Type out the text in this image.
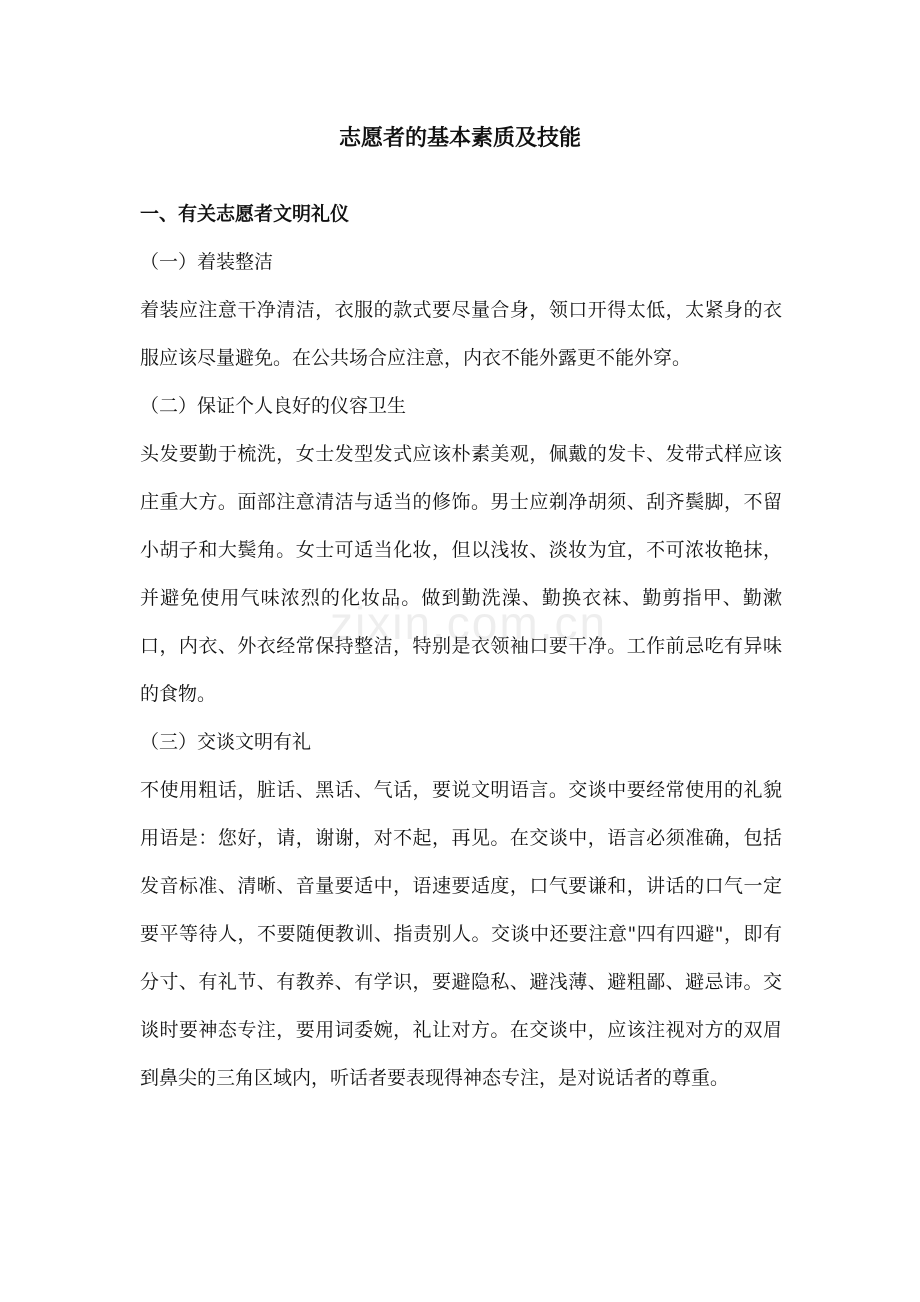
志愿者的基本素质及技能
一、有关志愿者文明礼仪

（一）着装整洁

着装应注意干净清洁，衣服的款式要尽量合身，领口开得太低，太紧身的衣服应该尽量避免。在公共场合应注意，内衣不能外露更不能外穿。

（二）保证个人良好的仪容卫生

头发要勤于梳洗，女士发型发式应该朴素美观，佩戴的发卡、发带式样应该庄重大方。面部注意清洁与适当的修饰。男士应剃净胡须、刮齐鬓脚，不留小胡子和大鬓角。女士可适当化妆，但以浅妆、淡妆为宜，不可浓妆艳抹，并避免使用气味浓烈的化妆品。做到勤洗澡、勤换衣袜、勤剪指甲、勤漱口，内衣、外衣经常保持整洁，特别是衣领袖口要干净。工作前忌吃有异味的食物。

（三）交谈文明有礼

不使用粗话，脏话、黑话、气话，要说文明语言。交谈中要经常使用的礼貌用语是：您好，请，谢谢，对不起，再见。在交谈中，语言必须准确，包括发音标准、清晰、音量要适中，语速要适度，口气要谦和，讲话的口气一定要平等待人，不要随便教训、指责别人。交谈中还要注意"四有四避"，即有分寸、有礼节、有教养、有学识，要避隐私、避浅薄、避粗鄙、避忌讳。交谈时要神态专注，要用词委婉，礼让对方。在交谈中，应该注视对方的双眉到鼻尖的三角区域内，听话者要表现得神态专注，是对说话者的尊重。

zixin.com.cn
